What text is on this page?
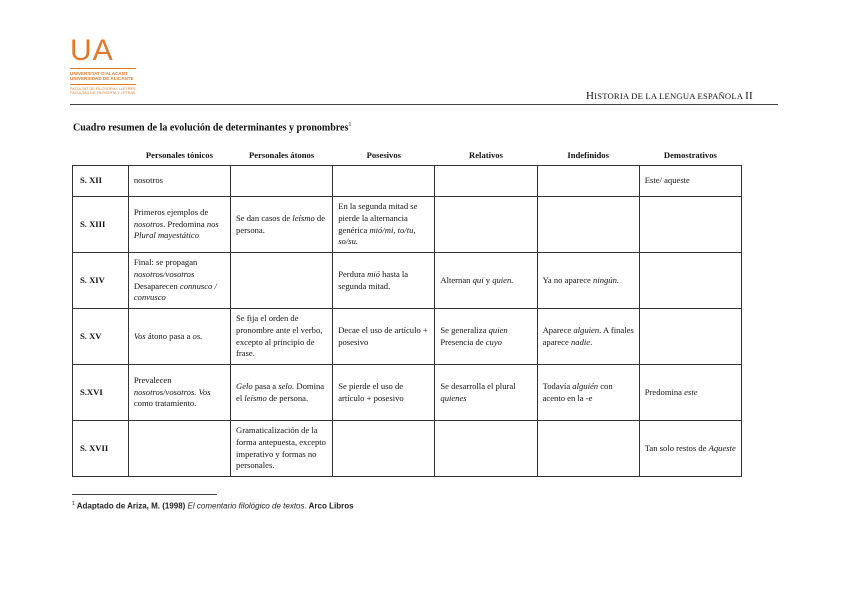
UA
UNIVERSITAT D'ALACANT
UNIVERSIDAD DE ALICANTE
FACULTAT DE FILOSOFIA I LLETRES
FACULTAD DE FILOSOFÍA Y LETRAS	HISTORIA DE LA LENGUA ESPAÑOLA II
Cuadro resumen de la evolución de determinantes y pronombres$^1$
	Personales tónicos	Personales átonos	Posesivos	Relativos	Indefinidos	Demostrativos
S. XII	nosotros					Este/ aqueste
S. XIII	Primeros ejemplos de nosotros. Predomina nos Plural mayestático	Se dan casos de leísmo de persona.	En la segunda mitad se pierde la alternancia genérica mió/mi, to/tu, so/su.			
S. XIV	Final: se propagan nosotros/vosotros Desaparecen connusco / convusco		Perdura mió hasta la segunda mitad.	Alternan qui y quien.	Ya no aparece ningún.	
S. XV	Vos átono pasa a os.	Se fija el orden de pronombre ante el verbo, excepto al principio de frase.	Decae el uso de artículo + posesivo	Se generaliza quien Presencia de cuyo	Aparece alguien. A finales aparece nadie.	
S.XVI	Prevalecen nosotros/vosotros. Vos como tratamiento.	Gelo pasa a selo. Domina el leísmo de persona.	Se pierde el uso de artículo + posesivo	Se desarrolla el plural quienes	Todavía alguién con acento en la -e	Predomina este
S. XVII		Gramaticalización de la forma antepuesta, excepto imperativo y formas no personales.				Tan solo restos de Aqueste
$^1$ Adaptado de Ariza, M. (1998) El comentario filológico de textos. Arco Libros
